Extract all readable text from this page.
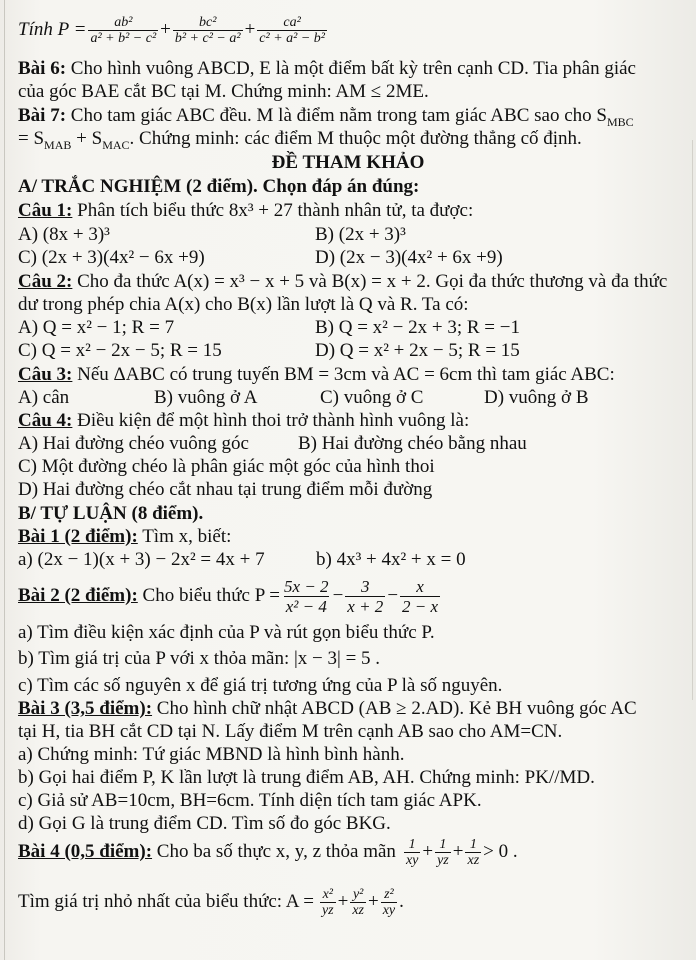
Tính $P = \frac{\text{ab²}}{\text{a² + b² − c²}} + \frac{\text{bc²}}{\text{b² + c² − a²}} + \frac{\text{ca²}}{\text{c² + a² − b²}}$
Bài 6: Cho hình vuông ABCD, E là một điểm bất kỳ trên cạnh CD. Tia phân giác
của góc BAE cắt BC tại M. Chứng minh: AM ≤ 2ME.
Bài 7: Cho tam giác ABC đều. M là điểm nằm trong tam giác ABC sao cho $S_{MBC}$
= $S_{MAB} + S_{MAC}$. Chứng minh: các điểm M thuộc một đường thẳng cố định.
ĐỀ THAM KHẢO
A/ TRẮC NGHIỆM (2 điểm). Chọn đáp án đúng:
Câu 1: Phân tích biểu thức 8x³ + 27 thành nhân tử, ta được:
A) (8x + 3)³	B) (2x + 3)³
C) (2x + 3)(4x² − 6x +9)	D) (2x − 3)(4x² + 6x +9)
Câu 2: Cho đa thức A(x) = x³ − x + 5 và B(x) = x + 2. Gọi đa thức thương và đa thức
dư trong phép chia A(x) cho B(x) lần lượt là Q và R. Ta có:
A) Q = x² − 1; R = 7	B) Q = x² − 2x + 3; R = −1
C) Q = x² − 2x − 5; R = 15	D) Q = x² + 2x − 5; R = 15
Câu 3: Nếu ΔABC có trung tuyến BM = 3cm và AC = 6cm thì tam giác ABC:
A) cân	B) vuông ở A	C) vuông ở C	D) vuông ở B
Câu 4: Điều kiện để một hình thoi trở thành hình vuông là:
A) Hai đường chéo vuông góc	B) Hai đường chéo bằng nhau
C) Một đường chéo là phân giác một góc của hình thoi
D) Hai đường chéo cắt nhau tại trung điểm mỗi đường
B/ TỰ LUẬN (8 điểm).
Bài 1 (2 điểm): Tìm x, biết:
a) (2x − 1)(x + 3) − 2x² = 4x + 7	b) 4x³ + 4x² + x = 0
Bài 2 (2 điểm): Cho biểu thức $P = \frac{5x - 2}{\text{x² − 4}} - \frac{3}{x + 2} - \frac{x}{2 - x}$
a) Tìm điều kiện xác định của P và rút gọn biểu thức P.
b) Tìm giá trị của P với x thỏa mãn: |x − 3| = 5 .
c) Tìm các số nguyên x để giá trị tương ứng của P là số nguyên.
Bài 3 (3,5 điểm): Cho hình chữ nhật ABCD (AB ≥ 2.AD). Kẻ BH vuông góc AC
tại H, tia BH cắt CD tại N. Lấy điểm M trên cạnh AB sao cho AM=CN.
a) Chứng minh: Tứ giác MBND là hình bình hành.
b) Gọi hai điểm P, K lần lượt là trung điểm AB, AH. Chứng minh: PK//MD.
c) Giả sử AB=10cm, BH=6cm. Tính diện tích tam giác APK.
d) Gọi G là trung điểm CD. Tìm số đo góc BKG.
Bài 4 (0,5 điểm): Cho ba số thực x, y, z thỏa mãn $\frac{1}{xy} + \frac{1}{yz} + \frac{1}{xz} > 0$ .
Tìm giá trị nhỏ nhất của biểu thức: $A = \frac{\text{x²}}{yz} + \frac{\text{y²}}{xz} + \frac{\text{z²}}{xy}$ .
